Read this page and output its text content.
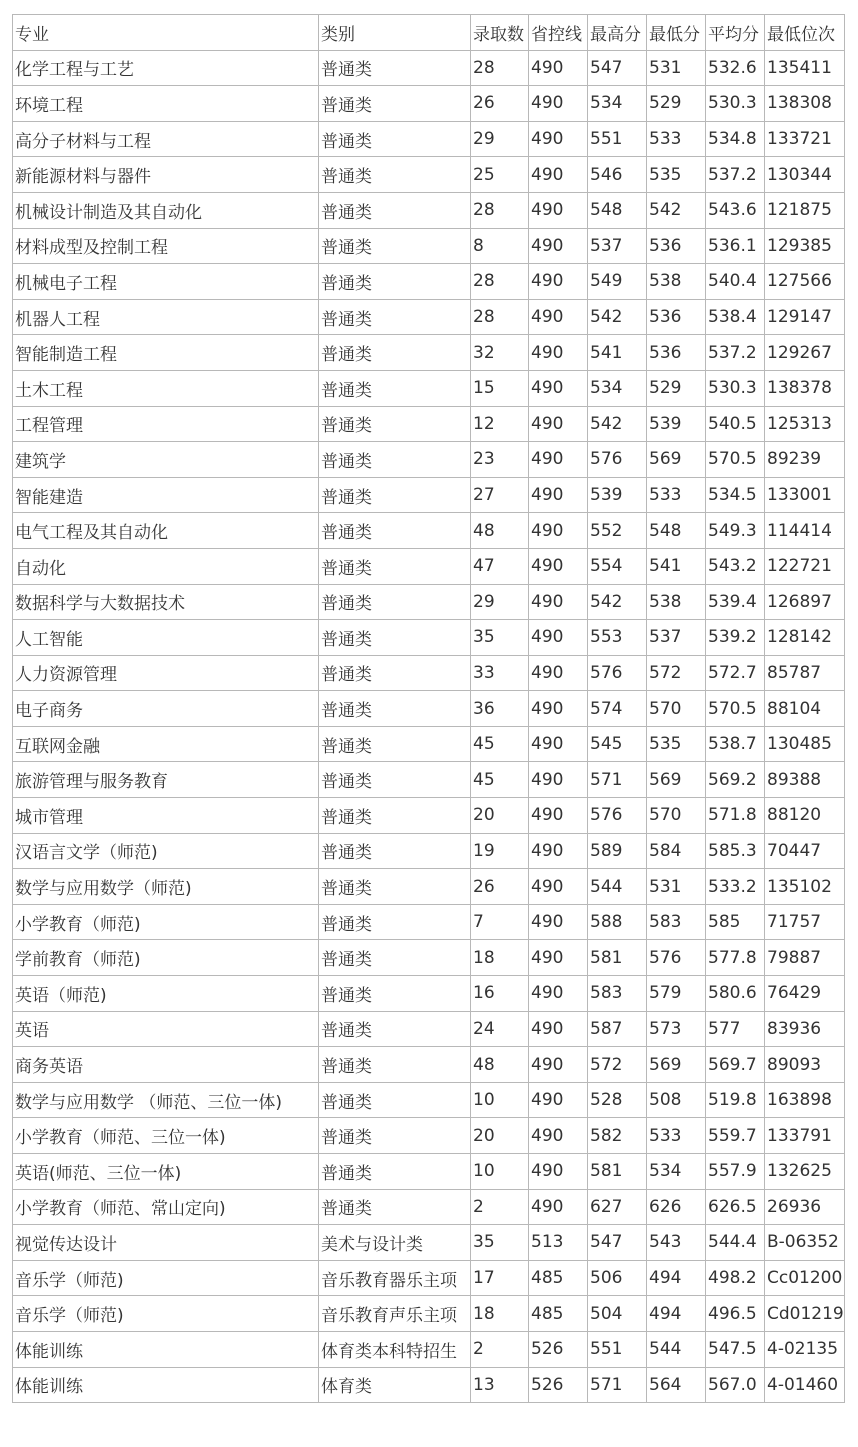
专业	类别	录取数	省控线	最高分	最低分	平均分	最低位次
化学工程与工艺	普通类	28	490	547	531	532.6	135411
环境工程	普通类	26	490	534	529	530.3	138308
高分子材料与工程	普通类	29	490	551	533	534.8	133721
新能源材料与器件	普通类	25	490	546	535	537.2	130344
机械设计制造及其自动化	普通类	28	490	548	542	543.6	121875
材料成型及控制工程	普通类	8	490	537	536	536.1	129385
机械电子工程	普通类	28	490	549	538	540.4	127566
机器人工程	普通类	28	490	542	536	538.4	129147
智能制造工程	普通类	32	490	541	536	537.2	129267
土木工程	普通类	15	490	534	529	530.3	138378
工程管理	普通类	12	490	542	539	540.5	125313
建筑学	普通类	23	490	576	569	570.5	89239
智能建造	普通类	27	490	539	533	534.5	133001
电气工程及其自动化	普通类	48	490	552	548	549.3	114414
自动化	普通类	47	490	554	541	543.2	122721
数据科学与大数据技术	普通类	29	490	542	538	539.4	126897
人工智能	普通类	35	490	553	537	539.2	128142
人力资源管理	普通类	33	490	576	572	572.7	85787
电子商务	普通类	36	490	574	570	570.5	88104
互联网金融	普通类	45	490	545	535	538.7	130485
旅游管理与服务教育	普通类	45	490	571	569	569.2	89388
城市管理	普通类	20	490	576	570	571.8	88120
汉语言文学（师范)	普通类	19	490	589	584	585.3	70447
数学与应用数学（师范)	普通类	26	490	544	531	533.2	135102
小学教育（师范)	普通类	7	490	588	583	585	71757
学前教育（师范)	普通类	18	490	581	576	577.8	79887
英语（师范)	普通类	16	490	583	579	580.6	76429
英语	普通类	24	490	587	573	577	83936
商务英语	普通类	48	490	572	569	569.7	89093
数学与应用数学 （师范、三位一体)	普通类	10	490	528	508	519.8	163898
小学教育（师范、三位一体)	普通类	20	490	582	533	559.7	133791
英语(师范、三位一体)	普通类	10	490	581	534	557.9	132625
小学教育（师范、常山定向)	普通类	2	490	627	626	626.5	26936
视觉传达设计	美术与设计类	35	513	547	543	544.4	B-06352
音乐学（师范)	音乐教育器乐主项	17	485	506	494	498.2	Cc01200
音乐学（师范)	音乐教育声乐主项	18	485	504	494	496.5	Cd01219
体能训练	体育类本科特招生	2	526	551	544	547.5	4-02135
体能训练	体育类	13	526	571	564	567.0	4-01460
